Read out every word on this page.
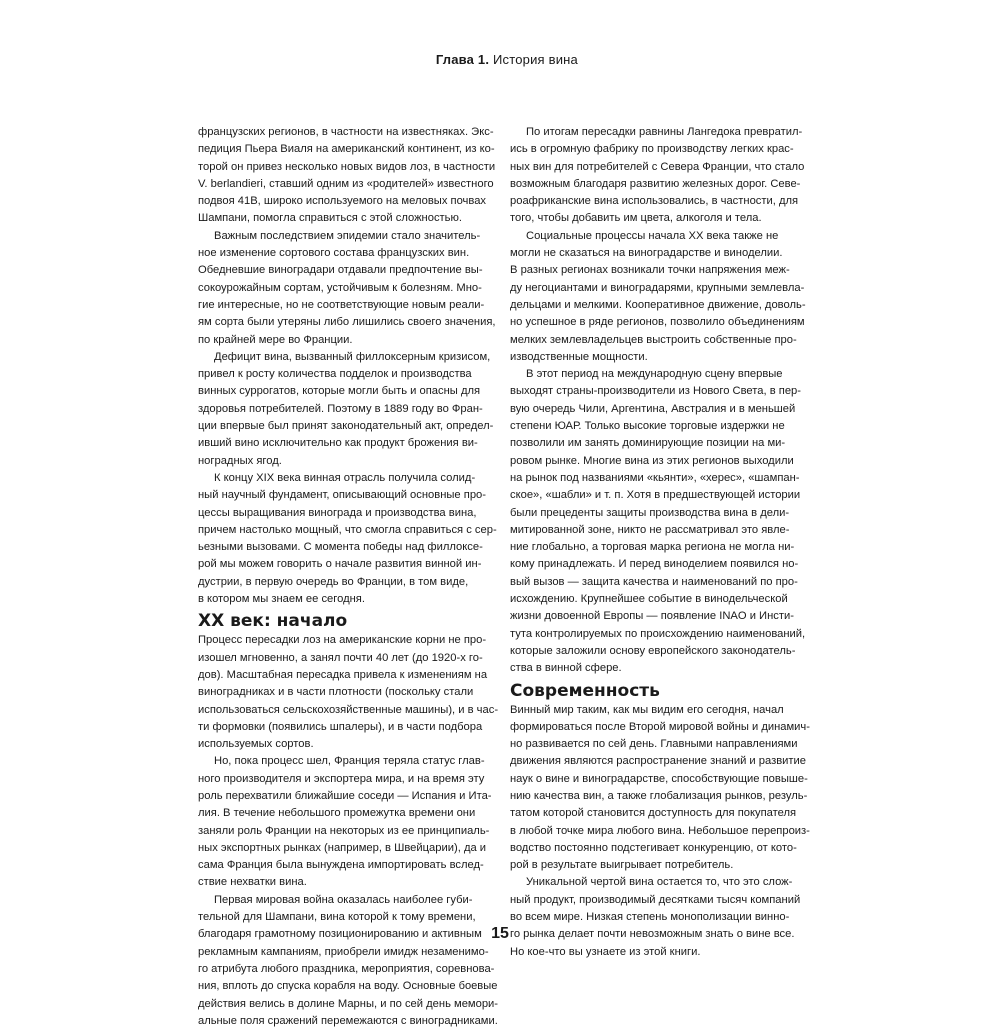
Глава 1. История вина
французских регионов, в частности на известняках. Экс-
педиция Пьера Виаля на американский континент, из ко-
торой он привез несколько новых видов лоз, в частности
V. berlandieri, ставший одним из «родителей» известного
подвоя 41B, широко используемого на меловых почвах
Шампани, помогла справиться с этой сложностью.
Важным последствием эпидемии стало значитель-
ное изменение сортового состава французских вин.
Обедневшие виноградари отдавали предпочтение вы-
сокоурожайным сортам, устойчивым к болезням. Мно-
гие интересные, но не соответствующие новым реали-
ям сорта были утеряны либо лишились своего значения,
по крайней мере во Франции.
Дефицит вина, вызванный филлоксерным кризисом,
привел к росту количества подделок и производства
винных суррогатов, которые могли быть и опасны для
здоровья потребителей. Поэтому в 1889 году во Фран-
ции впервые был принят законодательный акт, определ-
ивший вино исключительно как продукт брожения ви-
ноградных ягод.
К концу XIX века винная отрасль получила солид-
ный научный фундамент, описывающий основные про-
цессы выращивания винограда и производства вина,
причем настолько мощный, что смогла справиться с сер-
ьезными вызовами. С момента победы над филлоксе-
рой мы можем говорить о начале развития винной ин-
дустрии, в первую очередь во Франции, в том виде,
в котором мы знаем ее сегодня.
XX век: начало
Процесс пересадки лоз на американские корни не про-
изошел мгновенно, а занял почти 40 лет (до 1920-х го-
дов). Масштабная пересадка привела к изменениям на
виноградниках и в части плотности (поскольку стали
использоваться сельскохозяйственные машины), и в час-
ти формовки (появились шпалеры), и в части подбора
используемых сортов.
Но, пока процесс шел, Франция теряла статус глав-
ного производителя и экспортера мира, и на время эту
роль перехватили ближайшие соседи — Испания и Ита-
лия. В течение небольшого промежутка времени они
заняли роль Франции на некоторых из ее принципиаль-
ных экспортных рынках (например, в Швейцарии), да и
сама Франция была вынуждена импортировать вслед-
ствие нехватки вина.
Первая мировая война оказалась наиболее губи-
тельной для Шампани, вина которой к тому времени,
благодаря грамотному позиционированию и активным
рекламным кампаниям, приобрели имидж незаменимо-
го атрибута любого праздника, мероприятия, соревнова-
ния, вплоть до спуска корабля на воду. Основные боевые
действия велись в долине Марны, и по сей день мемори-
альные поля сражений перемежаются с виноградниками.
По итогам пересадки равнины Лангедока превратил-
ись в огромную фабрику по производству легких крас-
ных вин для потребителей с Севера Франции, что стало
возможным благодаря развитию железных дорог. Севе-
роафриканские вина использовались, в частности, для
того, чтобы добавить им цвета, алкоголя и тела.
Социальные процессы начала XX века также не
могли не сказаться на виноградарстве и виноделии.
В разных регионах возникали точки напряжения меж-
ду негоциантами и виноградарями, крупными землевла-
дельцами и мелкими. Кооперативное движение, доволь-
но успешное в ряде регионов, позволило объединениям
мелких землевладельцев выстроить собственные про-
изводственные мощности.
В этот период на международную сцену впервые
выходят страны-производители из Нового Света, в пер-
вую очередь Чили, Аргентина, Австралия и в меньшей
степени ЮАР. Только высокие торговые издержки не
позволили им занять доминирующие позиции на ми-
ровом рынке. Многие вина из этих регионов выходили
на рынок под названиями «кьянти», «херес», «шампан-
ское», «шабли» и т. п. Хотя в предшествующей истории
были прецеденты защиты производства вина в дели-
митированной зоне, никто не рассматривал это явле-
ние глобально, а торговая марка региона не могла ни-
кому принадлежать. И перед виноделием появился но-
вый вызов — защита качества и наименований по про-
исхождению. Крупнейшее событие в винодельческой
жизни довоенной Европы — появление INAO и Инсти-
тута контролируемых по происхождению наименований,
которые заложили основу европейского законодатель-
ства в винной сфере.
Современность
Винный мир таким, как мы видим его сегодня, начал
формироваться после Второй мировой войны и динамич-
но развивается по сей день. Главными направлениями
движения являются распространение знаний и развитие
наук о вине и виноградарстве, способствующие повыше-
нию качества вин, а также глобализация рынков, резуль-
татом которой становится доступность для покупателя
в любой точке мира любого вина. Небольшое перепроиз-
водство постоянно подстегивает конкуренцию, от кото-
рой в результате выигрывает потребитель.
Уникальной чертой вина остается то, что это слож-
ный продукт, производимый десятками тысяч компаний
во всем мире. Низкая степень монополизации винно-
го рынка делает почти невозможным знать о вине все.
Но кое-что вы узнаете из этой книги.
15
